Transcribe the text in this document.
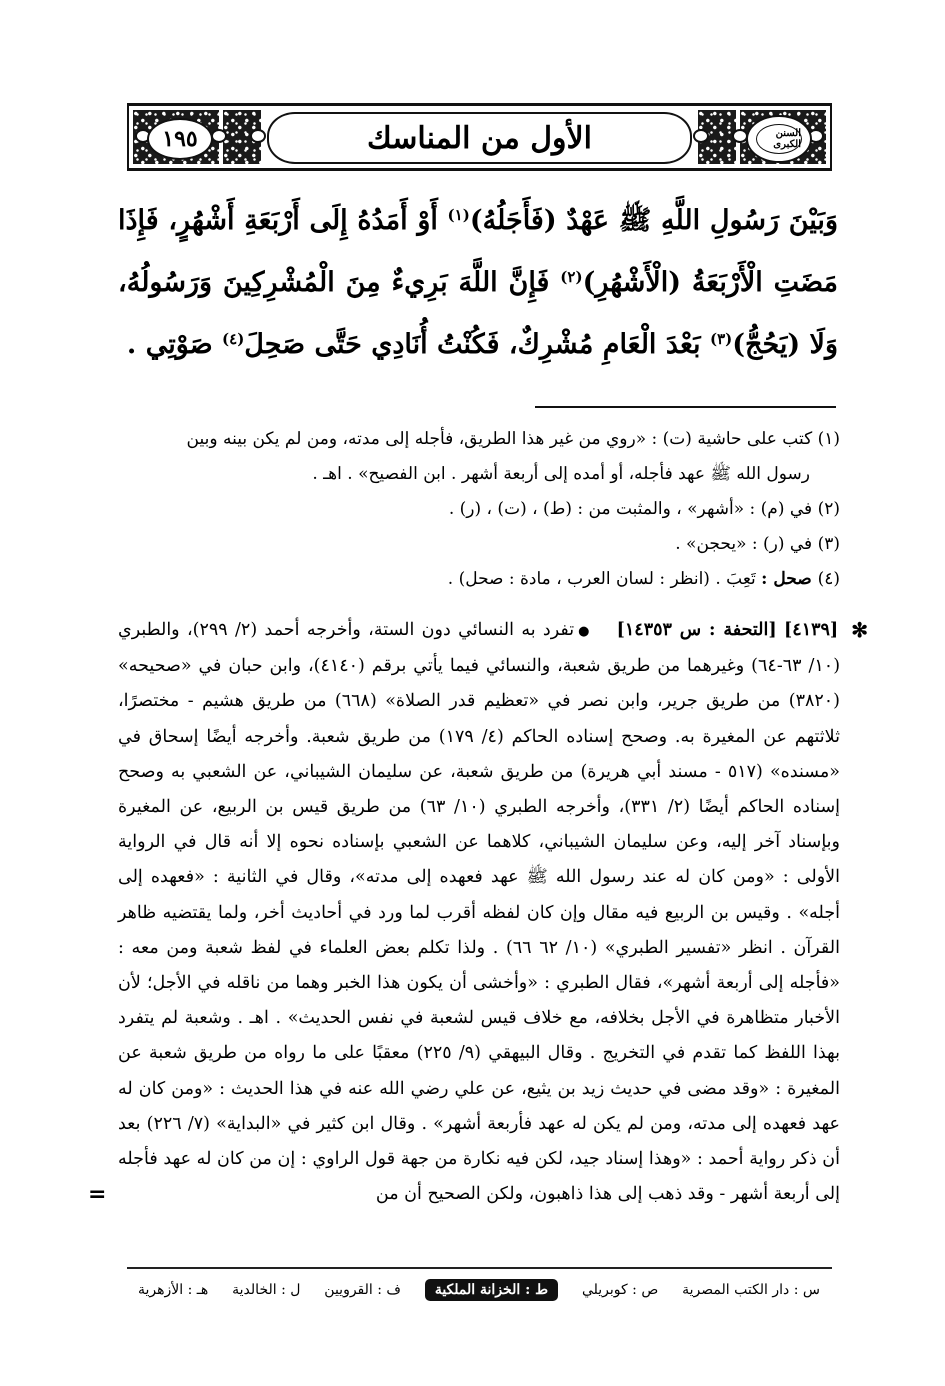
١٩٥	الأول من المناسك	السنن الكبرى
وَبَيْنَ رَسُولِ اللَّهِ ﷺ عَهْدٌ (فَأَجَلُهُ)$^{(١)}$ أَوْ أَمَدُهُ إِلَى أَرْبَعَةِ أَشْهُرٍ، فَإِذَا مَضَتِ الْأَرْبَعَةُ (الْأَشْهُرِ)$^{(٢)}$ فَإِنَّ اللَّهَ بَرِيءٌ مِنَ الْمُشْرِكِينَ وَرَسُولُهُ، وَلَا (يَحُجُّ)$^{(٣)}$ بَعْدَ الْعَامِ مُشْرِكٌ، فَكُنْتُ أُنَادِي حَتَّى صَحِلَ$^{(٤)}$ صَوْتِي .

(١) كتب على حاشية (ت) : «روي من غير هذا الطريق، فأجله إلى مدته، ومن لم يكن بينه وبين
رسول الله ﷺ عهد فأجله، أو أمده إلى أربعة أشهر . ابن الفصيح» . اهـ .

(٢) في (م) : «أشهر» ، والمثبت من : (ط) ، (ت) ، (ر) .

(٣) في (ر) : «يحجن» .

(٤) صحل : تَعِبَ . (انظر : لسان العرب ، مادة : صحل) .

✻
[٤١٣٩] [التحفة : س ١٤٣٥٣] ●تفرد به النسائي دون الستة، وأخرجه أحمد (٢/ ٢٩٩)، والطبري (١٠/ ٦٣-٦٤) وغيرهما من طريق شعبة، والنسائي فيما يأتي برقم (٤١٤٠)، وابن حبان في «صحيحه» (٣٨٢٠) من طريق جرير، وابن نصر في «تعظيم قدر الصلاة» (٦٦٨) من طريق هشيم - مختصرًا، ثلاثتهم عن المغيرة به. وصحح إسناده الحاكم (٤/ ١٧٩) من طريق شعبة. وأخرجه أيضًا إسحاق في «مسنده» (٥١٧ - مسند أبي هريرة) من طريق شعبة، عن سليمان الشيباني، عن الشعبي به وصحح إسناده الحاكم أيضًا (٢/ ٣٣١)، وأخرجه الطبري (١٠/ ٦٣) من طريق قيس بن الربيع، عن المغيرة وبإسناد آخر إليه، وعن سليمان الشيباني، كلاهما عن الشعبي بإسناده نحوه إلا أنه قال في الرواية الأولى : «ومن كان له عند رسول الله ﷺ عهد فعهده إلى مدته»، وقال في الثانية : «فعهده إلى أجله» . وقيس بن الربيع فيه مقال وإن كان لفظه أقرب لما ورد في أحاديث أخر، ولما يقتضيه ظاهر القرآن . انظر «تفسير الطبري» (١٠/ ٦٢ ٦٦) . ولذا تكلم بعض العلماء في لفظ شعبة ومن معه : «فأجله إلى أربعة أشهر»، فقال الطبري : «وأخشى أن يكون هذا الخبر وهما من ناقله في الأجل؛ لأن الأخبار متظاهرة في الأجل بخلافه، مع خلاف قيس لشعبة في نفس الحديث» . اهـ . وشعبة لم يتفرد بهذا اللفظ كما تقدم في التخريج . وقال البيهقي (٩/ ٢٢٥) معقبًا على ما رواه من طريق شعبة عن المغيرة : «وقد مضى في حديث زيد بن يثيع، عن علي رضي الله عنه في هذا الحديث : «ومن كان له عهد فعهده إلى مدته، ومن لم يكن له عهد فأربعة أشهر» . وقال ابن كثير في «البداية» (٧/ ٢٢٦) بعد أن ذكر رواية أحمد : «وهذا إسناد جيد، لكن فيه نكارة من جهة قول الراوي : إن من كان له عهد فأجله إلى أربعة أشهر - وقد ذهب إلى هذا ذاهبون، ولكن الصحيح أن من
=
س : دار الكتب المصرية
ص : كوبريلي
ط : الخزانة الملكية
ف : القرويين
ل : الخالدية
هـ : الأزهرية
